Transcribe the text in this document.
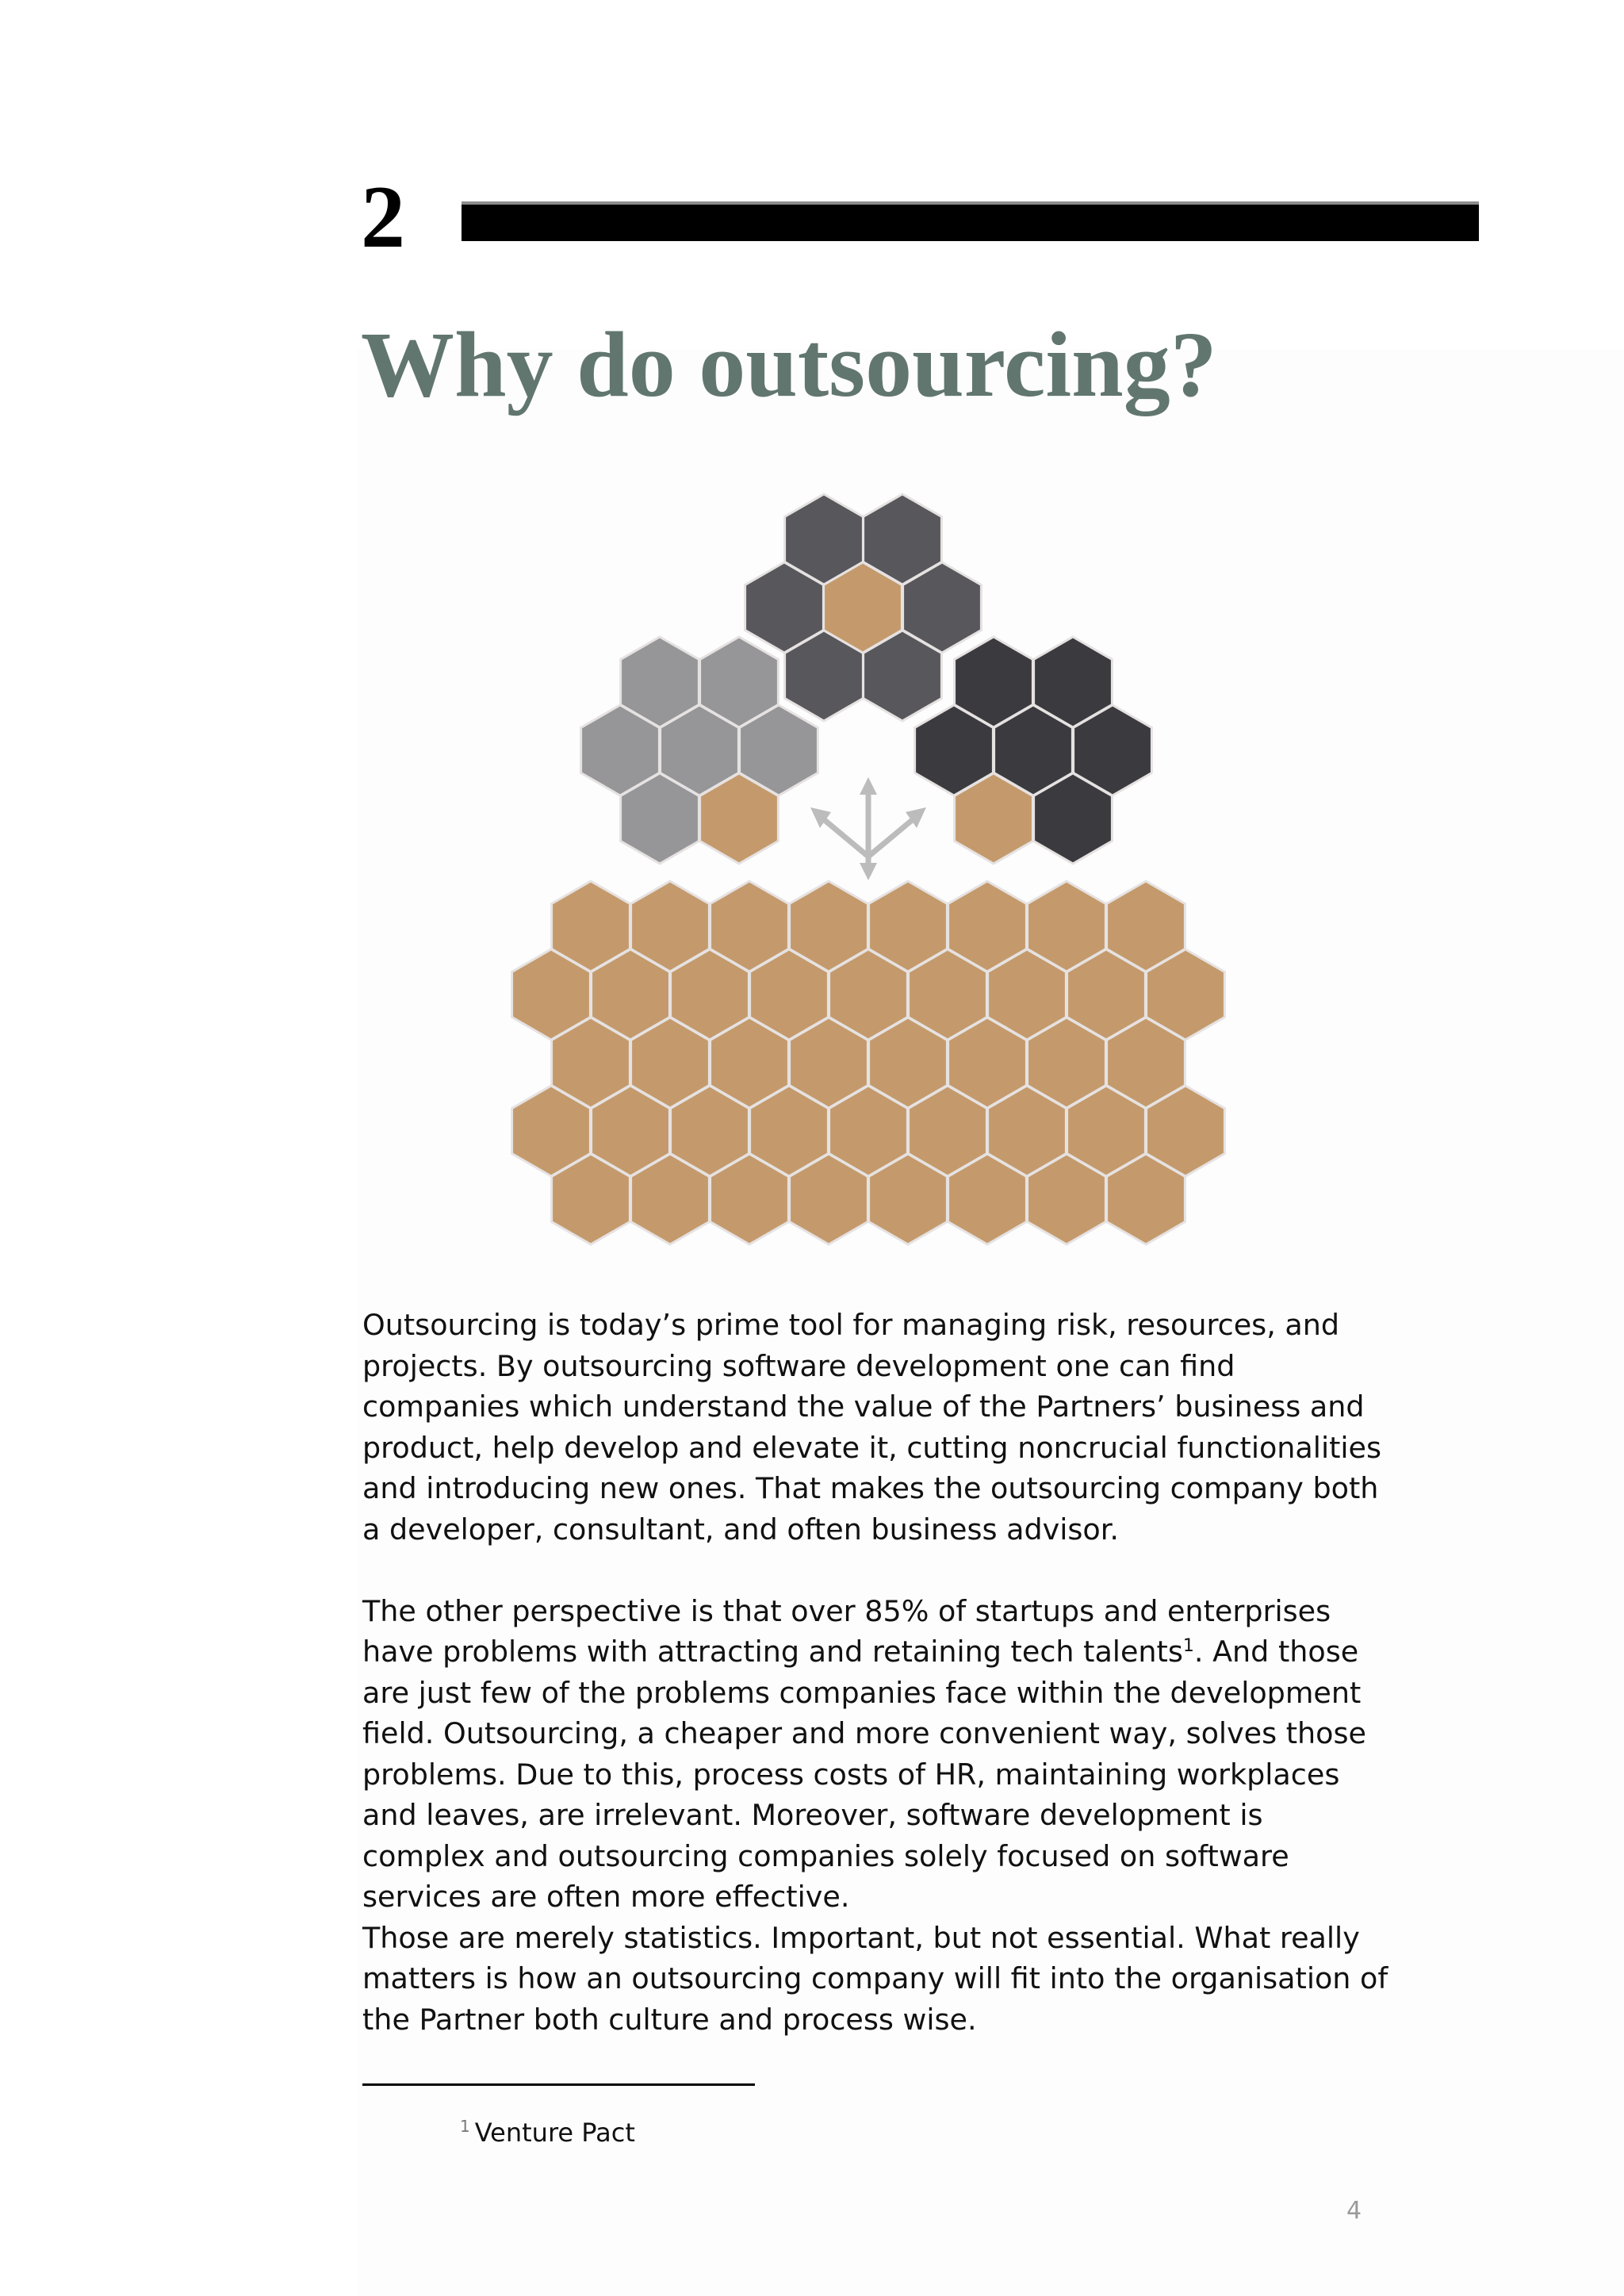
2
Why do outsourcing?

Outsourcing is today’s prime tool for managing risk, resources, and projects. By outsourcing software development one can find companies which understand the value of the Partners’ business and product, help develop and elevate it, cutting noncrucial functionalities and introducing new ones. That makes the outsourcing company both a developer, consultant, and often business advisor.

The other perspective is that over 85% of startups and enterprises have problems with attracting and retaining tech talents$^1$. And those are just few of the problems companies face within the development field. Outsourcing, a cheaper and more convenient way, solves those problems. Due to this, process costs of HR, maintaining workplaces and leaves, are irrelevant. Moreover, software development is complex and outsourcing companies solely focused on software services are often more effective.

Those are merely statistics. Important, but not essential. What really matters is how an outsourcing company will fit into the organisation of the Partner both culture and process wise.

$^1$ Venture Pact
4
